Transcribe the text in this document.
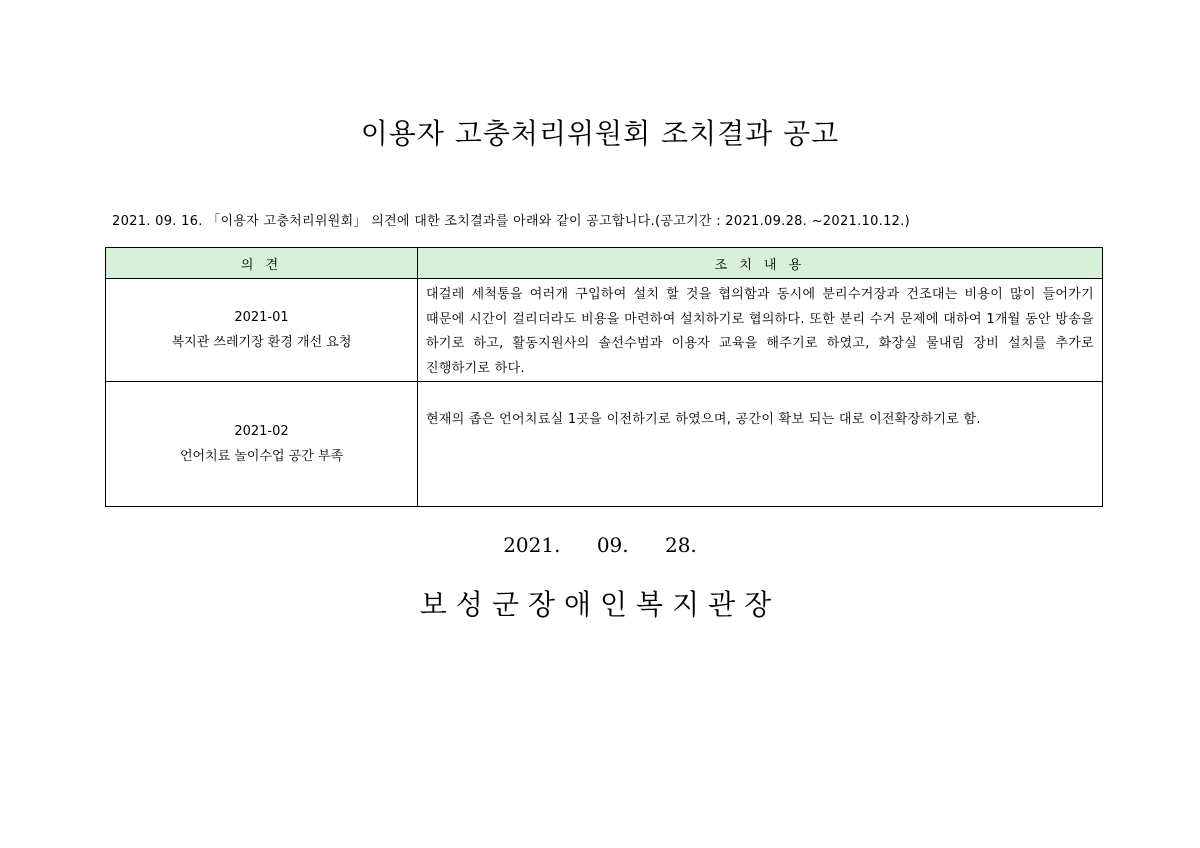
이용자 고충처리위원회 조치결과 공고
2021. 09. 16. 「이용자 고충처리위원회」 의견에 대한 조치결과를 아래와 같이 공고합니다.(공고기간 : 2021.09.28. ~2021.10.12.)
의 견	조 치 내 용

2021-01
복지관 쓰레기장 환경 개선 요청	대걸레 세척통을 여러개 구입하여 설치 할 것을 협의함과 동시에 분리수거장과 건조대는 비용이 많이 들어가기 때문에 시간이 걸리더라도 비용을 마련하여 설치하기로 협의하다. 또한 분리 수거 문제에 대하여 1개월 동안 방송을 하기로 하고, 활동지원사의 솔선수범과 이용자 교육을 해주기로 하였고, 화장실 물내림 장비 설치를 추가로 진행하기로 하다.

2021-02
언어치료 놀이수업 공간 부족	현재의 좁은 언어치료실 1곳을 이전하기로 하였으며, 공간이 확보 되는 대로 이전확장하기로 함.
2021. 09. 28.
보성군장애인복지관장
